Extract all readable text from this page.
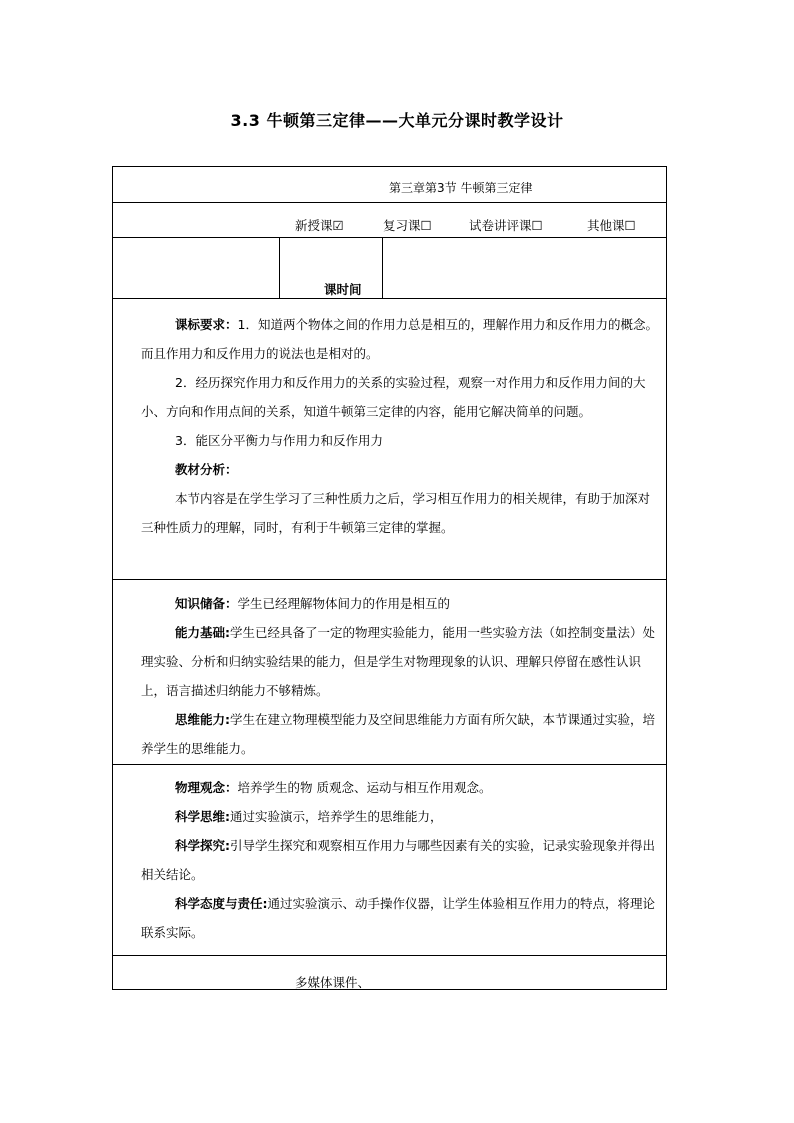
3.3 牛顿第三定律——大单元分课时教学设计
第三章第3节 牛顿第三定律
新授课☑	复习课☐	试卷讲评课☐	其他课☐
课时间

课标要求：1．知道两个物体之间的作用力总是相互的，理解作用力和反作用力的概念。而且作用力和反作用力的说法也是相对的。

2．经历探究作用力和反作用力的关系的实验过程，观察一对作用力和反作用力间的大小、方向和作用点间的关系，知道牛顿第三定律的内容，能用它解决简单的问题。

3．能区分平衡力与作用力和反作用力

教材分析：

本节内容是在学生学习了三种性质力之后，学习相互作用力的相关规律，有助于加深对三种性质力的理解，同时，有利于牛顿第三定律的掌握。

知识储备：学生已经理解物体间力的作用是相互的

能力基础:学生已经具备了一定的物理实验能力，能用一些实验方法（如控制变量法）处理实验、分析和归纳实验结果的能力，但是学生对物理现象的认识、理解只停留在感性认识上，语言描述归纳能力不够精炼。

思维能力:学生在建立物理模型能力及空间思维能力方面有所欠缺，本节课通过实验，培养学生的思维能力。

物理观念：培养学生的物 质观念、运动与相互作用观念。

科学思维:通过实验演示，培养学生的思维能力，

科学探究:引导学生探究和观察相互作用力与哪些因素有关的实验，记录实验现象并得出相关结论。

科学态度与责任:通过实验演示、动手操作仪器，让学生体验相互作用力的特点，将理论联系实际。

多媒体课件、
